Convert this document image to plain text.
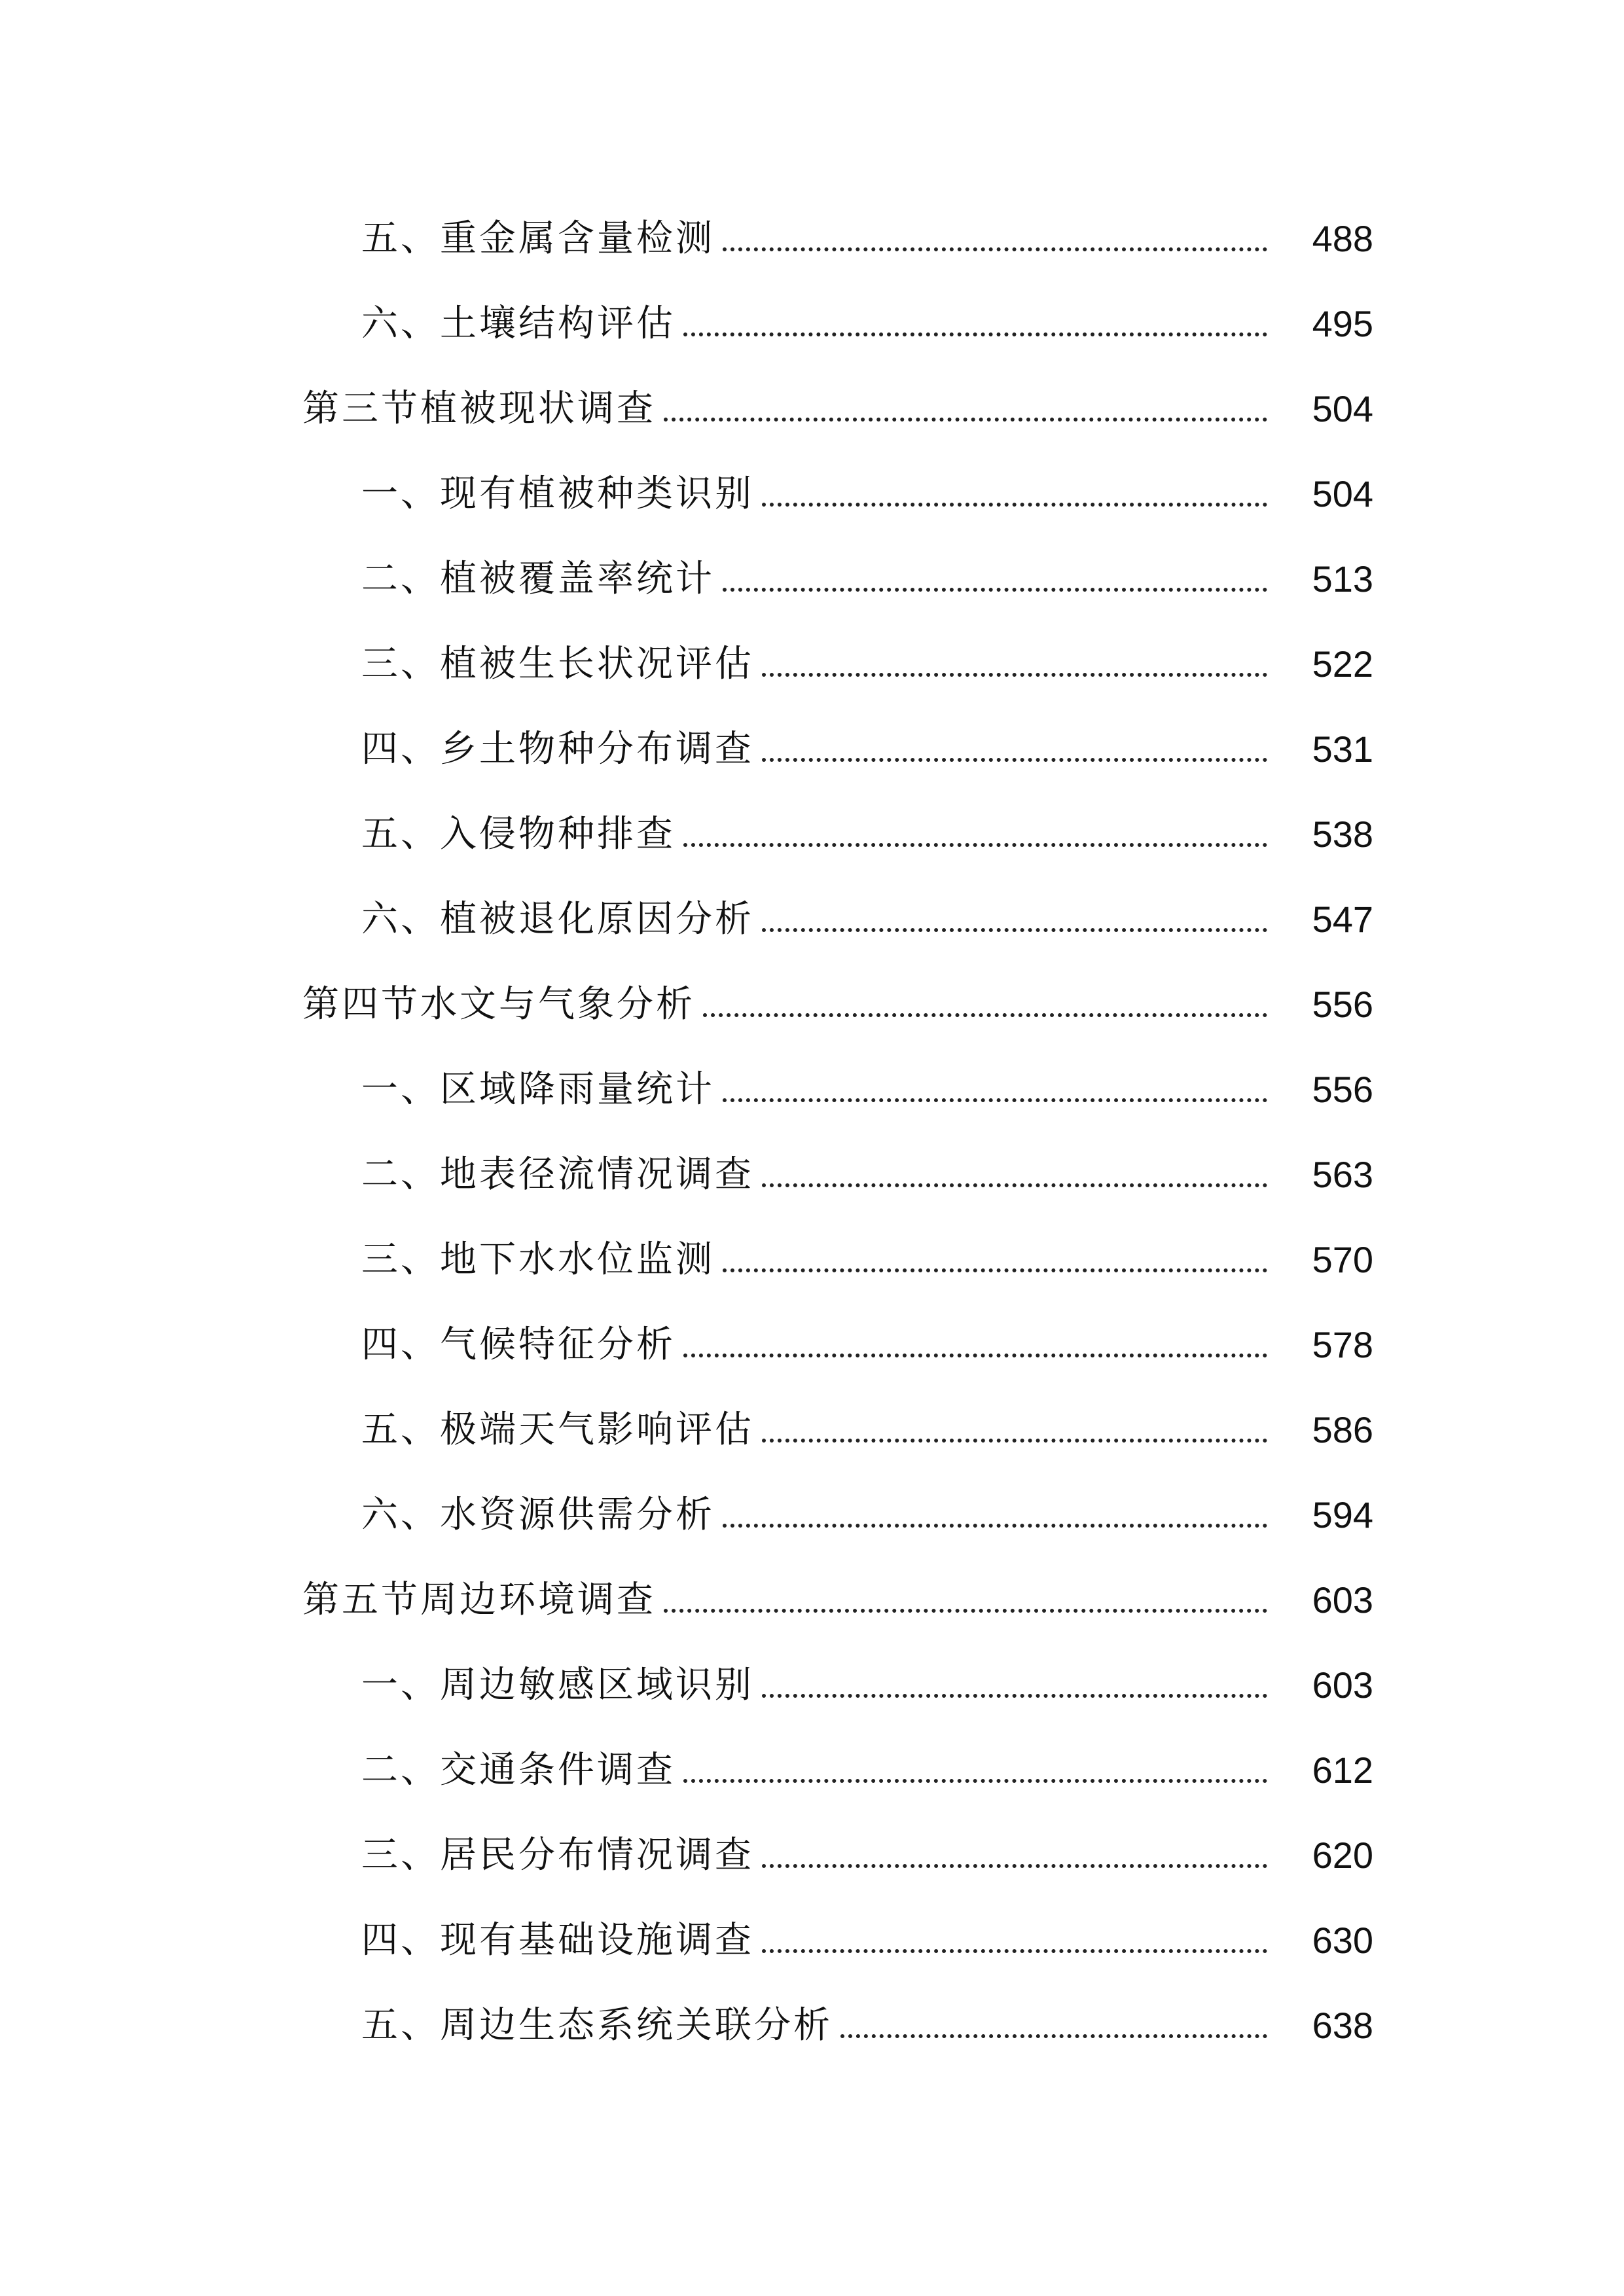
五、重金属含量检测	488
六、土壤结构评估	495
第三节植被现状调查	504
一、现有植被种类识别	504
二、植被覆盖率统计	513
三、植被生长状况评估	522
四、乡土物种分布调查	531
五、入侵物种排查	538
六、植被退化原因分析	547
第四节水文与气象分析	556
一、区域降雨量统计	556
二、地表径流情况调查	563
三、地下水水位监测	570
四、气候特征分析	578
五、极端天气影响评估	586
六、水资源供需分析	594
第五节周边环境调查	603
一、周边敏感区域识别	603
二、交通条件调查	612
三、居民分布情况调查	620
四、现有基础设施调查	630
五、周边生态系统关联分析	638
